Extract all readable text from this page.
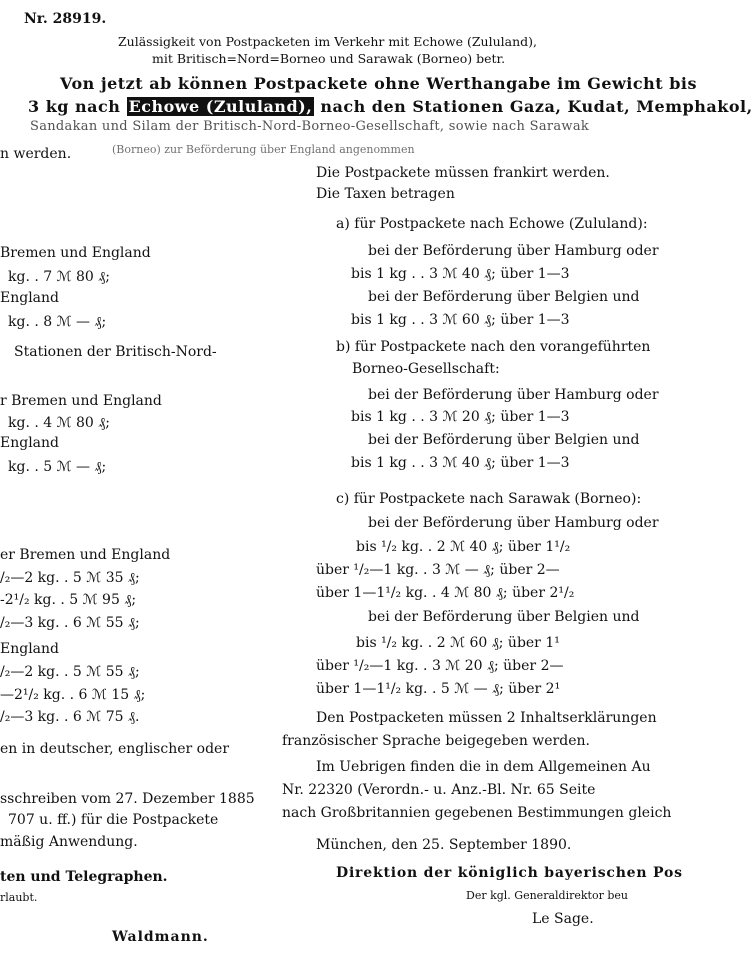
Nr. 28919.
Zulässigkeit von Postpacketen im Verkehr mit Echowe (Zululand),
mit Britisch=Nord=Borneo und Sarawak (Borneo) betr.
Von jetzt ab können Postpackete ohne Werthangabe im Gewicht bis
3 kg nach Echowe (Zululand), nach den Stationen Gaza, Kudat, Memphakol,
Sandakan und Silam der Britisch-Nord-Borneo-Gesellschaft, sowie nach Sarawak
n werden.	(Borneo) zur Beförderung über England angenommen
Bremen und England
kg. . 7 ℳ 80 ₰;
England
kg. . 8 ℳ — ₰;
Stationen der Britisch-Nord-
r Bremen und England
kg. . 4 ℳ 80 ₰;
England
kg. . 5 ℳ — ₰;
er Bremen und England
/₂—2 kg. . 5 ℳ 35 ₰;
-2¹/₂ kg. . 5 ℳ 95 ₰;
/₂—3 kg. . 6 ℳ 55 ₰;
England
/₂—2 kg. . 5 ℳ 55 ₰;
—2¹/₂ kg. . 6 ℳ 15 ₰;
/₂—3 kg. . 6 ℳ 75 ₰.
en in deutscher, englischer oder
sschreiben vom 27. Dezember 1885
707 u. ff.) für die Postpackete
mäßig Anwendung.
ten und Telegraphen.
rlaubt.
Waldmann.
Die Postpackete müssen frankirt werden.
Die Taxen betragen
a) für Postpackete nach Echowe (Zululand):
bei der Beförderung über Hamburg oder
bis 1 kg . . 3 ℳ 40 ₰; über 1—3
bei der Beförderung über Belgien und
bis 1 kg . . 3 ℳ 60 ₰; über 1—3
b) für Postpackete nach den vorangeführten
Borneo-Gesellschaft:
bei der Beförderung über Hamburg oder
bis 1 kg . . 3 ℳ 20 ₰; über 1—3
bei der Beförderung über Belgien und
bis 1 kg . . 3 ℳ 40 ₰; über 1—3
c) für Postpackete nach Sarawak (Borneo):
bei der Beförderung über Hamburg oder
bis ¹/₂ kg. . 2 ℳ 40 ₰; über 1¹/₂
über ¹/₂—1 kg. . 3 ℳ — ₰; über 2—
über 1—1¹/₂ kg. . 4 ℳ 80 ₰; über 2¹/₂
bei der Beförderung über Belgien und
bis ¹/₂ kg. . 2 ℳ 60 ₰; über 1¹
über ¹/₂—1 kg. . 3 ℳ 20 ₰; über 2—
über 1—1¹/₂ kg. . 5 ℳ — ₰; über 2¹
Den Postpacketen müssen 2 Inhaltserklärungen
französischer Sprache beigegeben werden.
Im Uebrigen finden die in dem Allgemeinen Au
Nr. 22320 (Verordn.- u. Anz.-Bl. Nr. 65 Seite
nach Großbritannien gegebenen Bestimmungen gleich
München, den 25. September 1890.
Direktion der königlich bayerischen Pos
Der kgl. Generaldirektor beu
Le Sage.
